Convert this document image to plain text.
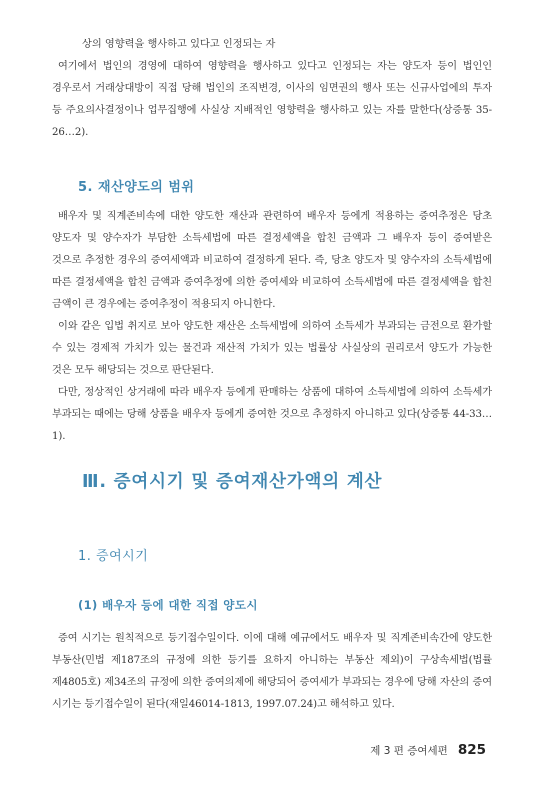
상의 영향력을 행사하고 있다고 인정되는 자
여기에서 법인의 경영에 대하여 영향력을 행사하고 있다고 인정되는 자는 양도자 등이 법인인 경우로서 거래상대방이 직접 당해 법인의 조직변경, 이사의 임면권의 행사 또는 신규사업에의 투자 등 주요의사결정이나 업무집행에 사실상 지배적인 영향력을 행사하고 있는 자를 말한다(상증통 35-26…2).
5. 재산양도의 범위
배우자 및 직계존비속에 대한 양도한 재산과 관련하여 배우자 등에게 적용하는 증여추정은 당초 양도자 및 양수자가 부담한 소득세법에 따른 결정세액을 합친 금액과 그 배우자 등이 증여받은 것으로 추정한 경우의 증여세액과 비교하여 결정하게 된다. 즉, 당초 양도자 및 양수자의 소득세법에 따른 결정세액을 합친 금액과 증여추정에 의한 증여세와 비교하여 소득세법에 따른 결정세액을 합친 금액이 큰 경우에는 증여추정이 적용되지 아니한다.
이와 같은 입법 취지로 보아 양도한 재산은 소득세법에 의하여 소득세가 부과되는 금전으로 환가할 수 있는 경제적 가치가 있는 물건과 재산적 가치가 있는 법률상 사실상의 권리로서 양도가 가능한 것은 모두 해당되는 것으로 판단된다.
다만, 정상적인 상거래에 따라 배우자 등에게 판매하는 상품에 대하여 소득세법에 의하여 소득세가 부과되는 때에는 당해 상품을 배우자 등에게 증여한 것으로 추정하지 아니하고 있다(상증통 44-33…1).
Ⅲ. 증여시기 및 증여재산가액의 계산
1. 증여시기
(1) 배우자 등에 대한 직접 양도시
증여 시기는 원칙적으로 등기접수일이다. 이에 대해 예규에서도 배우자 및 직계존비속간에 양도한 부동산(민법 제187조의 규정에 의한 등기를 요하지 아니하는 부동산 제외)이 구상속세법(법률 제4805호) 제34조의 규정에 의한 증여의제에 해당되어 증여세가 부과되는 경우에 당해 자산의 증여 시기는 등기접수일이 된다(재일46014-1813, 1997.07.24)고 해석하고 있다.
제 3 편 증여세편 825
